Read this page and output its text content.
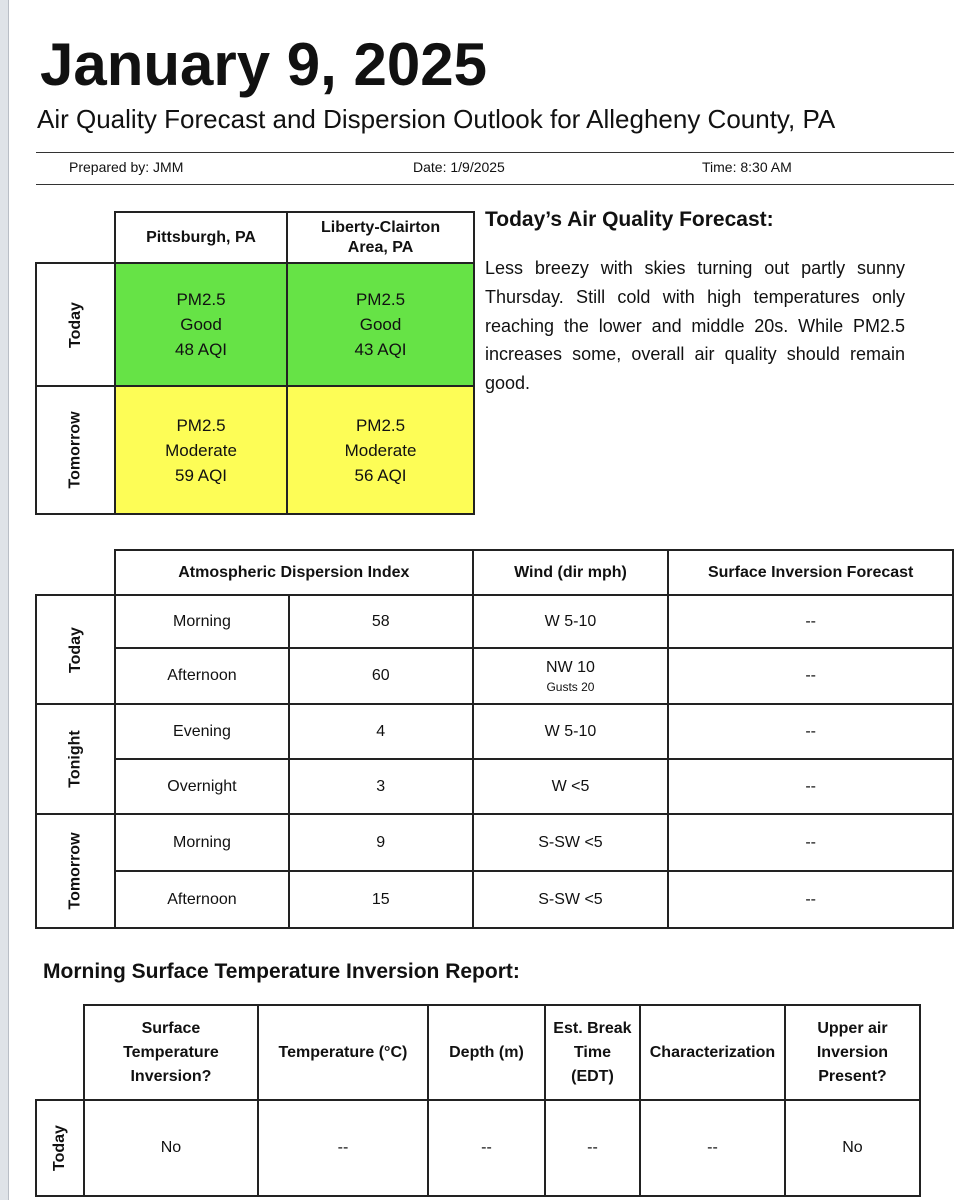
January 9, 2025
Air Quality Forecast and Dispersion Outlook for Allegheny County, PA
Prepared by: JMM	Date: 1/9/2025	Time: 8:30 AM
	Pittsburgh, PA	Liberty-Clairton
Area, PA
Today	PM2.5
Good
48 AQI	PM2.5
Good
43 AQI
Tomorrow	PM2.5
Moderate
59 AQI	PM2.5
Moderate
56 AQI
Today’s Air Quality Forecast:
Less breezy with skies turning out partly sunny Thursday. Still cold with high temperatures only reaching the lower and middle 20s. While PM2.5 increases some, overall air quality should remain good.
	Atmospheric Dispersion Index		Wind (dir mph)	Surface Inversion Forecast
Today	Morning	58	W 5-10	--
	Afternoon	60	NW 10
Gusts 20	--
Tonight	Evening	4	W 5-10	--
	Overnight	3	W <5	--
Tomorrow	Morning	9	S-SW <5	--
	Afternoon	15	S-SW <5	--
Morning Surface Temperature Inversion Report:
	Surface
Temperature
Inversion?	Temperature (°C)	Depth (m)	Est. Break
Time
(EDT)	Characterization	Upper air
Inversion
Present?
Today	No	--	--	--	--	No
